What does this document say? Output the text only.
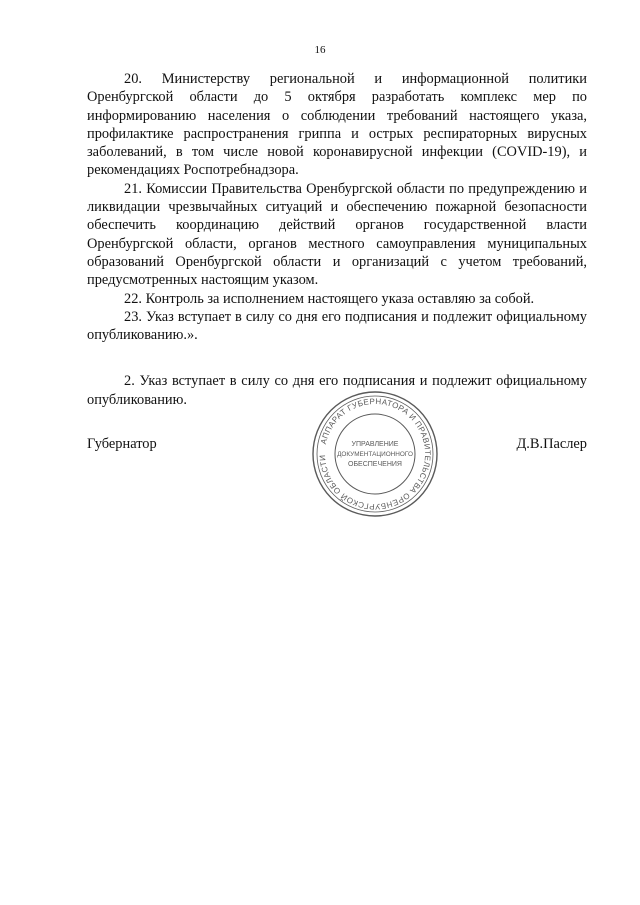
16

20. Министерству региональной и информационной политики Оренбургской области до 5 октября разработать комплекс мер по информированию населения о соблюдении требований настоящего указа, профилактике распространения гриппа и острых респираторных вирусных заболеваний, в том числе новой коронавирусной инфекции (COVID-19), и рекомендациях Роспотребнадзора.

21. Комиссии Правительства Оренбургской области по предупреждению и ликвидации чрезвычайных ситуаций и обеспечению пожарной безопасности обеспечить координацию действий органов государственной власти Оренбургской области, органов местного самоуправления муниципальных образований Оренбургской области и организаций с учетом требований, предусмотренных настоящим указом.

22. Контроль за исполнением настоящего указа оставляю за собой.

23. Указ вступает в силу со дня его подписания и подлежит официальному опубликованию.».

2. Указ вступает в силу со дня его подписания и подлежит официальному опубликованию.

Губернатор	Д.В.Паслер
АППАРАТ ГУБЕРНАТОРА И ПРАВИТЕЛЬСТВА ОРЕНБУРГСКОЙ ОБЛАСТИ
УПРАВЛЕНИЕ
ДОКУМЕНТАЦИОННОГО
ОБЕСПЕЧЕНИЯ
